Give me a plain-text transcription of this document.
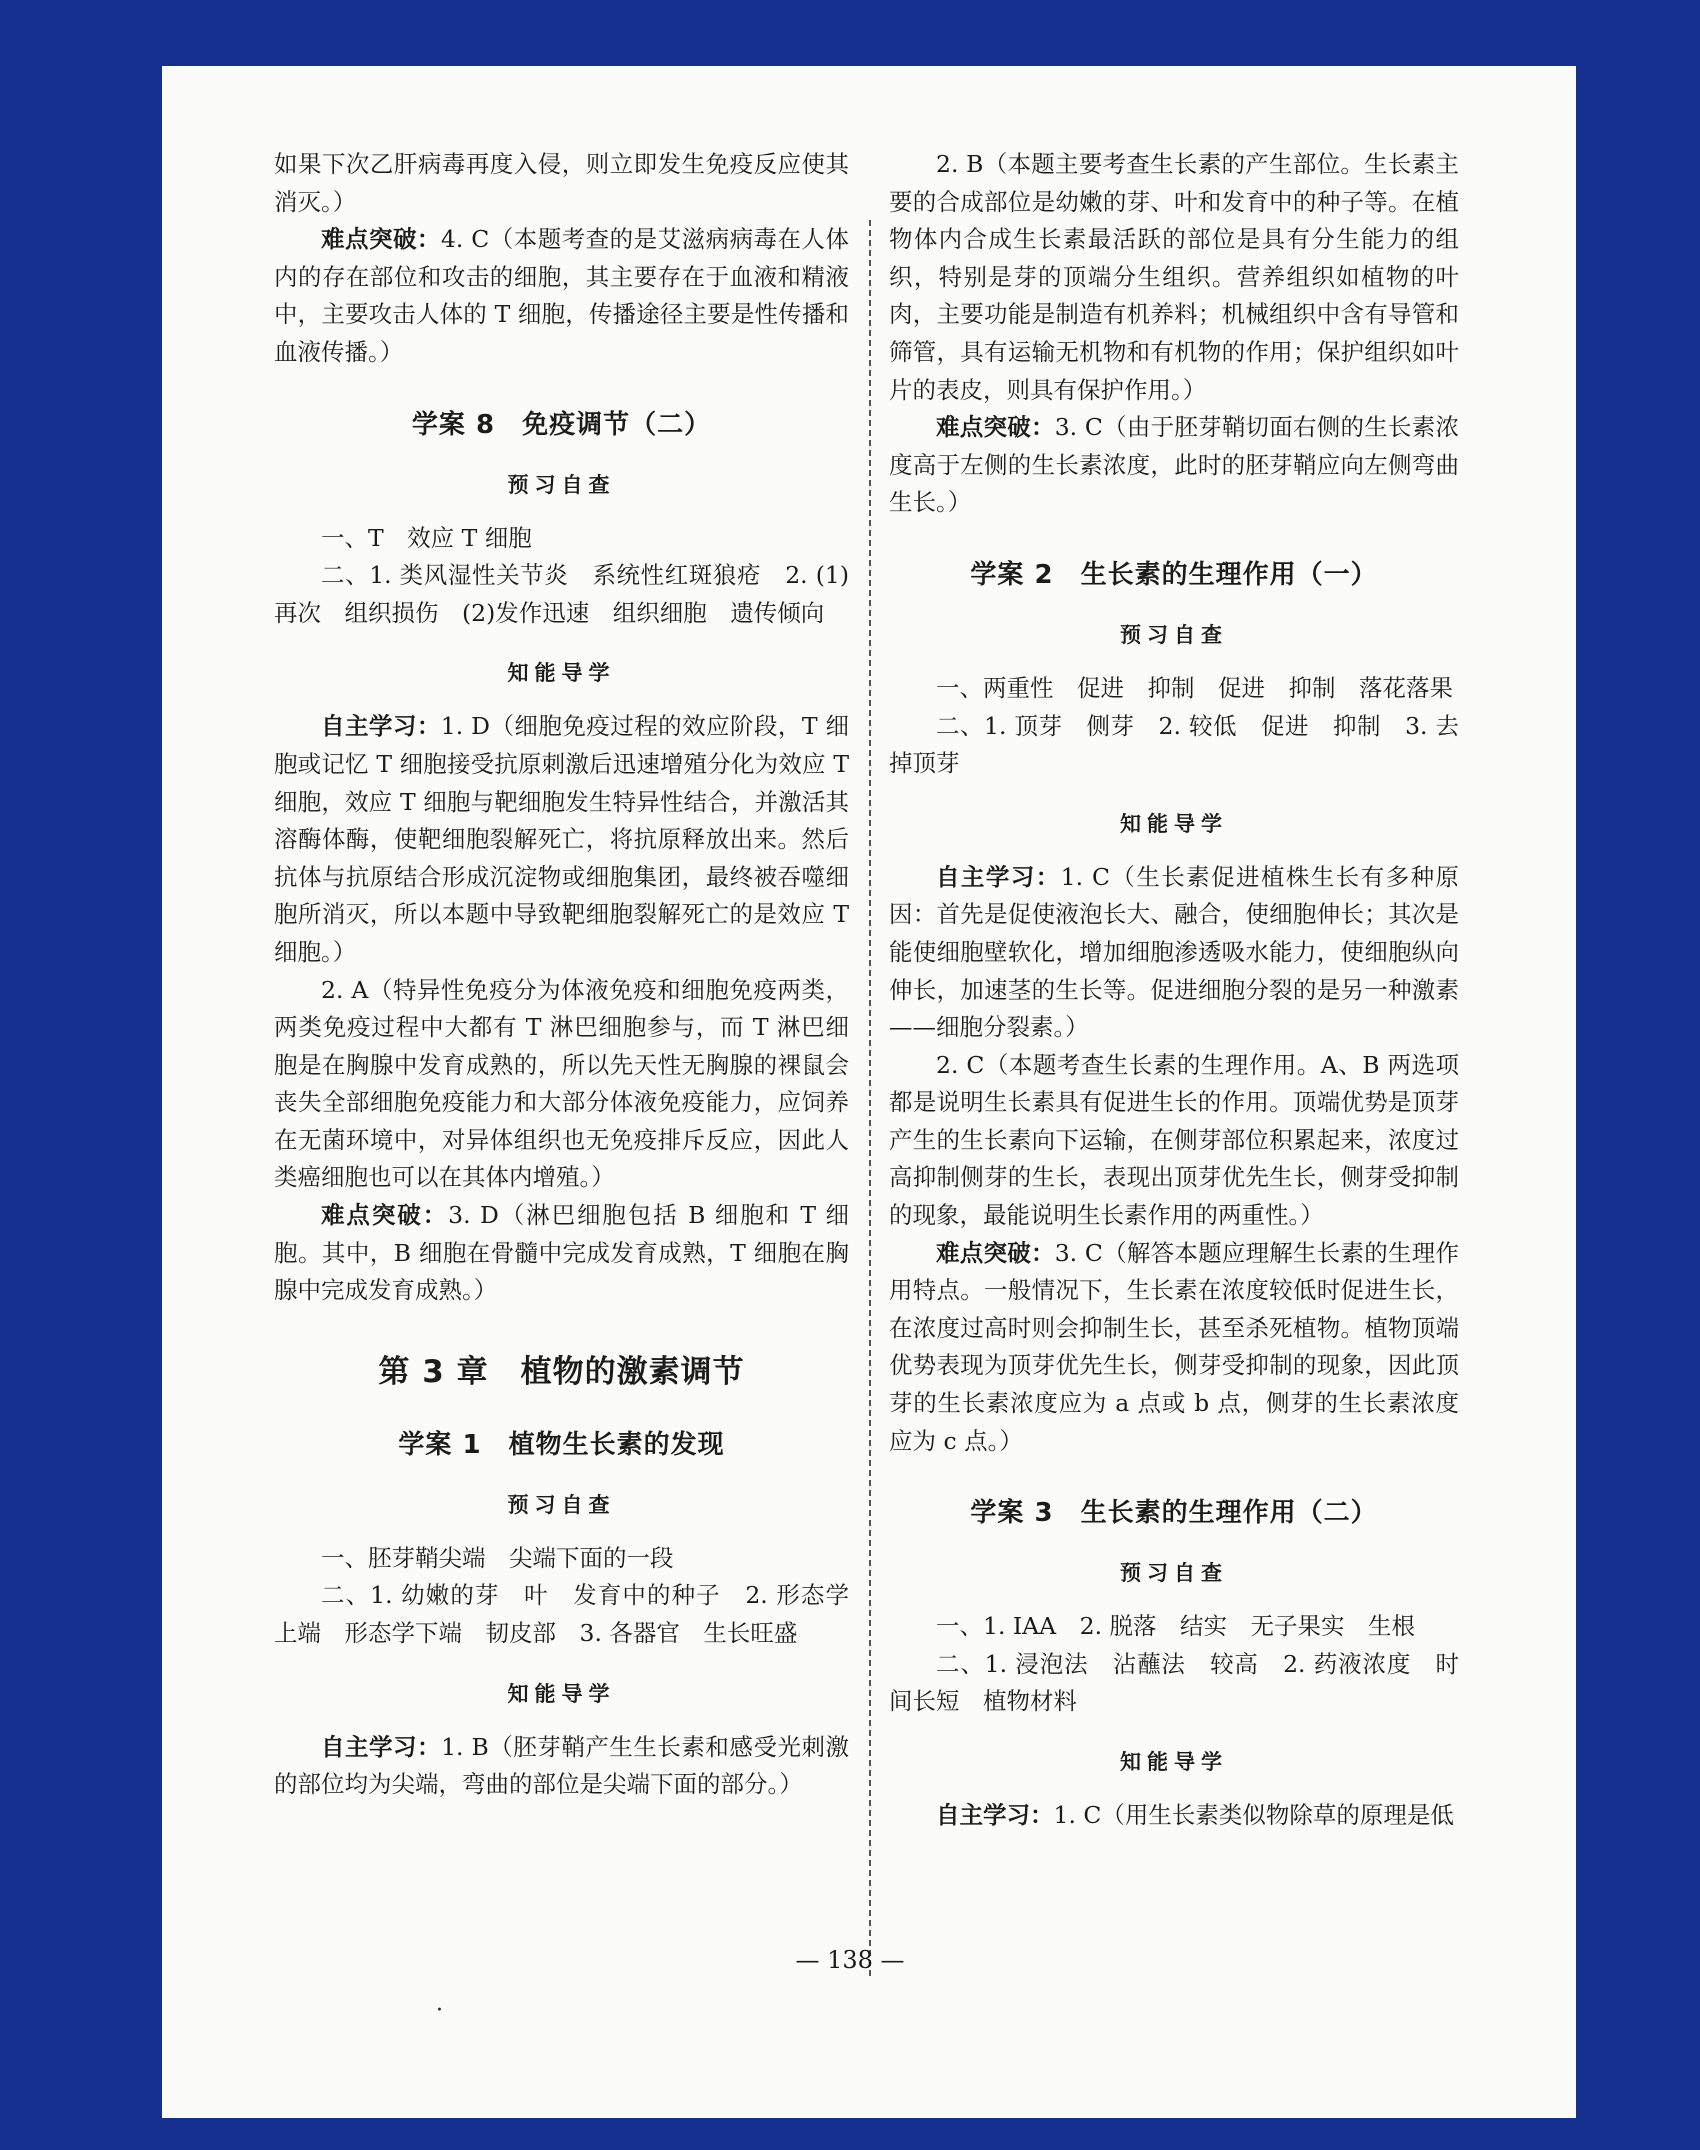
如果下次乙肝病毒再度入侵，则立即发生免疫反应使其消灭。）

难点突破：4. C（本题考查的是艾滋病病毒在人体内的存在部位和攻击的细胞，其主要存在于血液和精液中，主要攻击人体的 T 细胞，传播途径主要是性传播和血液传播。）

学案 8　免疫调节（二）
预习自查

一、T　效应 T 细胞

二、1. 类风湿性关节炎　系统性红斑狼疮　2. (1) 再次　组织损伤　(2)发作迅速　组织细胞　遗传倾向

知能导学

自主学习：1. D（细胞免疫过程的效应阶段，T 细胞或记忆 T 细胞接受抗原刺激后迅速增殖分化为效应 T 细胞，效应 T 细胞与靶细胞发生特异性结合，并激活其溶酶体酶，使靶细胞裂解死亡，将抗原释放出来。然后抗体与抗原结合形成沉淀物或细胞集团，最终被吞噬细胞所消灭，所以本题中导致靶细胞裂解死亡的是效应 T 细胞。）

2. A（特异性免疫分为体液免疫和细胞免疫两类，两类免疫过程中大都有 T 淋巴细胞参与，而 T 淋巴细胞是在胸腺中发育成熟的，所以先天性无胸腺的裸鼠会丧失全部细胞免疫能力和大部分体液免疫能力，应饲养在无菌环境中，对异体组织也无免疫排斥反应，因此人类癌细胞也可以在其体内增殖。）

难点突破：3. D（淋巴细胞包括 B 细胞和 T 细胞。其中，B 细胞在骨髓中完成发育成熟，T 细胞在胸腺中完成发育成熟。）

第 3 章　植物的激素调节
学案 1　植物生长素的发现
预习自查

一、胚芽鞘尖端　尖端下面的一段

二、1. 幼嫩的芽　叶　发育中的种子　2. 形态学上端　形态学下端　韧皮部　3. 各器官　生长旺盛

知能导学

自主学习：1. B（胚芽鞘产生生长素和感受光刺激的部位均为尖端，弯曲的部位是尖端下面的部分。）

2. B（本题主要考查生长素的产生部位。生长素主要的合成部位是幼嫩的芽、叶和发育中的种子等。在植物体内合成生长素最活跃的部位是具有分生能力的组织，特别是芽的顶端分生组织。营养组织如植物的叶肉，主要功能是制造有机养料；机械组织中含有导管和筛管，具有运输无机物和有机物的作用；保护组织如叶片的表皮，则具有保护作用。）

难点突破：3. C（由于胚芽鞘切面右侧的生长素浓度高于左侧的生长素浓度，此时的胚芽鞘应向左侧弯曲生长。）

学案 2　生长素的生理作用（一）
预习自查

一、两重性　促进　抑制　促进　抑制　落花落果

二、1. 顶芽　侧芽　2. 较低　促进　抑制　3. 去掉顶芽

知能导学

自主学习：1. C（生长素促进植株生长有多种原因：首先是促使液泡长大、融合，使细胞伸长；其次是能使细胞壁软化，增加细胞渗透吸水能力，使细胞纵向伸长，加速茎的生长等。促进细胞分裂的是另一种激素——细胞分裂素。）

2. C（本题考查生长素的生理作用。A、B 两选项都是说明生长素具有促进生长的作用。顶端优势是顶芽产生的生长素向下运输，在侧芽部位积累起来，浓度过高抑制侧芽的生长，表现出顶芽优先生长，侧芽受抑制的现象，最能说明生长素作用的两重性。）

难点突破：3. C（解答本题应理解生长素的生理作用特点。一般情况下，生长素在浓度较低时促进生长，在浓度过高时则会抑制生长，甚至杀死植物。植物顶端优势表现为顶芽优先生长，侧芽受抑制的现象，因此顶芽的生长素浓度应为 a 点或 b 点，侧芽的生长素浓度应为 c 点。）

学案 3　生长素的生理作用（二）
预习自查

一、1. IAA　2. 脱落　结实　无子果实　生根

二、1. 浸泡法　沾蘸法　较高　2. 药液浓度　时间长短　植物材料

知能导学

自主学习：1. C（用生长素类似物除草的原理是低

— 138 —
·
